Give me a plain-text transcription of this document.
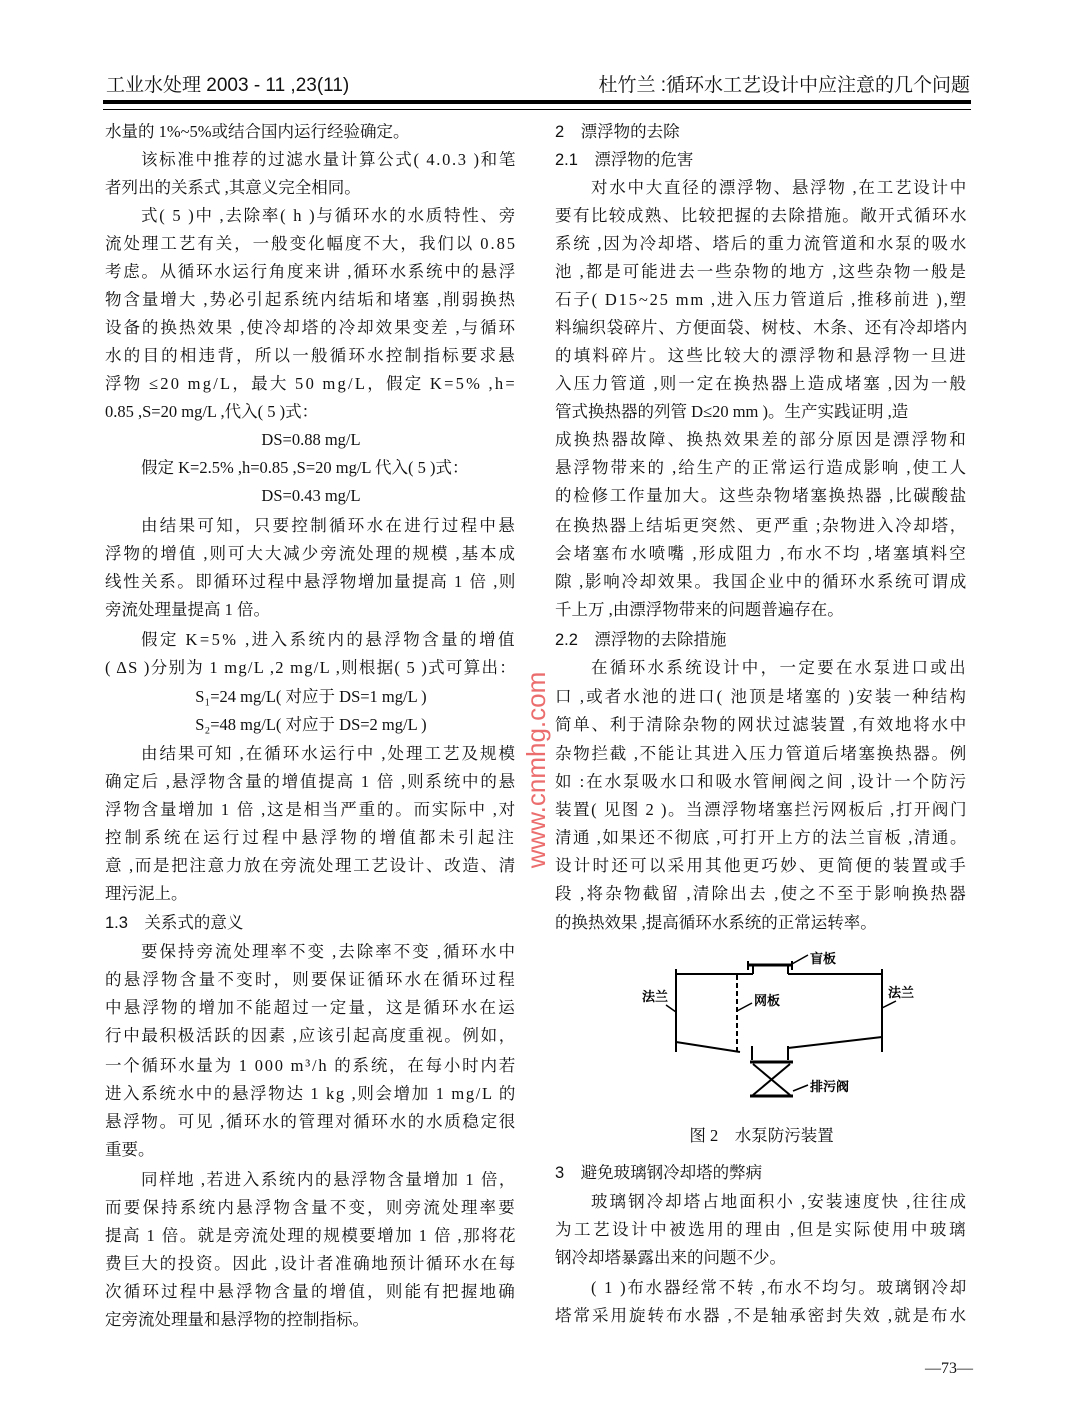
工业水处理 2003 - 11 ,23(11)	杜竹兰 :循环水工艺设计中应注意的几个问题
水量的 1%~5%或结合国内运行经验确定。
该标准中推荐的过滤水量计算公式( 4.0.3 )和笔
者列出的关系式 ,其意义完全相同。
式( 5 )中 ,去除率( h )与循环水的水质特性、旁
流处理工艺有关，一般变化幅度不大，我们以 0.85
考虑。从循环水运行角度来讲 ,循环水系统中的悬浮
物含量增大 ,势必引起系统内结垢和堵塞 ,削弱换热
设备的换热效果 ,使冷却塔的冷却效果变差 ,与循环
水的目的相违背，所以一般循环水控制指标要求悬
浮物 ≤20 mg/L，最大 50 mg/L，假定 K=5% ,h=
0.85 ,S=20 mg/L ,代入( 5 )式：
DS=0.88 mg/L
假定 K=2.5% ,h=0.85 ,S=20 mg/L 代入( 5 )式：
DS=0.43 mg/L
由结果可知，只要控制循环水在进行过程中悬
浮物的增值 ,则可大大减少旁流处理的规模 ,基本成
线性关系。即循环过程中悬浮物增加量提高 1 倍 ,则
旁流处理量提高 1 倍。
假定 K=5% ,进入系统内的悬浮物含量的增值
( ΔS )分别为 1 mg/L ,2 mg/L ,则根据( 5 )式可算出：
S₁=24 mg/L( 对应于 DS=1 mg/L )
S₂=48 mg/L( 对应于 DS=2 mg/L )
由结果可知 ,在循环水运行中 ,处理工艺及规模
确定后 ,悬浮物含量的增值提高 1 倍 ,则系统中的悬
浮物含量增加 1 倍 ,这是相当严重的。而实际中 ,对
控制系统在运行过程中悬浮物的增值都未引起注
意 ,而是把注意力放在旁流处理工艺设计、改造、清
理污泥上。
1.3　关系式的意义
要保持旁流处理率不变 ,去除率不变 ,循环水中
的悬浮物含量不变时，则要保证循环水在循环过程
中悬浮物的增加不能超过一定量，这是循环水在运
行中最积极活跃的因素 ,应该引起高度重视。例如，
一个循环水量为 1 000 m³/h 的系统，在每小时内若
进入系统水中的悬浮物达 1 kg ,则会增加 1 mg/L 的
悬浮物。可见 ,循环水的管理对循环水的水质稳定很
重要。
同样地 ,若进入系统内的悬浮物含量增加 1 倍，
而要保持系统内悬浮物含量不变，则旁流处理率要
提高 1 倍。就是旁流处理的规模要增加 1 倍 ,那将花
费巨大的投资。因此 ,设计者准确地预计循环水在每
次循环过程中悬浮物含量的增值，则能有把握地确
定旁流处理量和悬浮物的控制指标。
2　漂浮物的去除
2.1　漂浮物的危害
对水中大直径的漂浮物、悬浮物 ,在工艺设计中
要有比较成熟、比较把握的去除措施。敞开式循环水
系统 ,因为冷却塔、塔后的重力流管道和水泵的吸水
池 ,都是可能进去一些杂物的地方 ,这些杂物一般是
石子( D15~25 mm ,进入压力管道后 ,推移前进 ),塑
料编织袋碎片、方便面袋、树枝、木条、还有冷却塔内
的填料碎片。这些比较大的漂浮物和悬浮物一旦进
入压力管道 ,则一定在换热器上造成堵塞 ,因为一般
管式换热器的列管 D≤20 mm )。生产实践证明 ,造
成换热器故障、换热效果差的部分原因是漂浮物和
悬浮物带来的 ,给生产的正常运行造成影响 ,使工人
的检修工作量加大。这些杂物堵塞换热器 ,比碳酸盐
在换热器上结垢更突然、更严重 ;杂物进入冷却塔，
会堵塞布水喷嘴 ,形成阻力 ,布水不均 ,堵塞填料空
隙 ,影响冷却效果。我国企业中的循环水系统可谓成
千上万 ,由漂浮物带来的问题普遍存在。
2.2　漂浮物的去除措施
在循环水系统设计中，一定要在水泵进口或出
口 ,或者水池的进口( 池顶是堵塞的 )安装一种结构
简单、利于清除杂物的网状过滤装置 ,有效地将水中
杂物拦截 ,不能让其进入压力管道后堵塞换热器。例
如 :在水泵吸水口和吸水管闸阀之间 ,设计一个防污
装置( 见图 2 )。当漂浮物堵塞拦污网板后 ,打开阀门
清通 ,如果还不彻底 ,可打开上方的法兰盲板 ,清通。
设计时还可以采用其他更巧妙、更简便的装置或手
段 ,将杂物截留 ,清除出去 ,使之不至于影响换热器
的换热效果 ,提高循环水系统的正常运转率。
图 2　水泵防污装置
3　避免玻璃钢冷却塔的弊病
玻璃钢冷却塔占地面积小 ,安装速度快 ,往往成
为工艺设计中被选用的理由 ,但是实际使用中玻璃
钢冷却塔暴露出来的问题不少。
( 1 )布水器经常不转 ,布水不均匀。玻璃钢冷却
塔常采用旋转布水器 ,不是轴承密封失效 ,就是布水
盲板
法兰	法兰
网板
排污阀
www.cnmhg.com
—73—
